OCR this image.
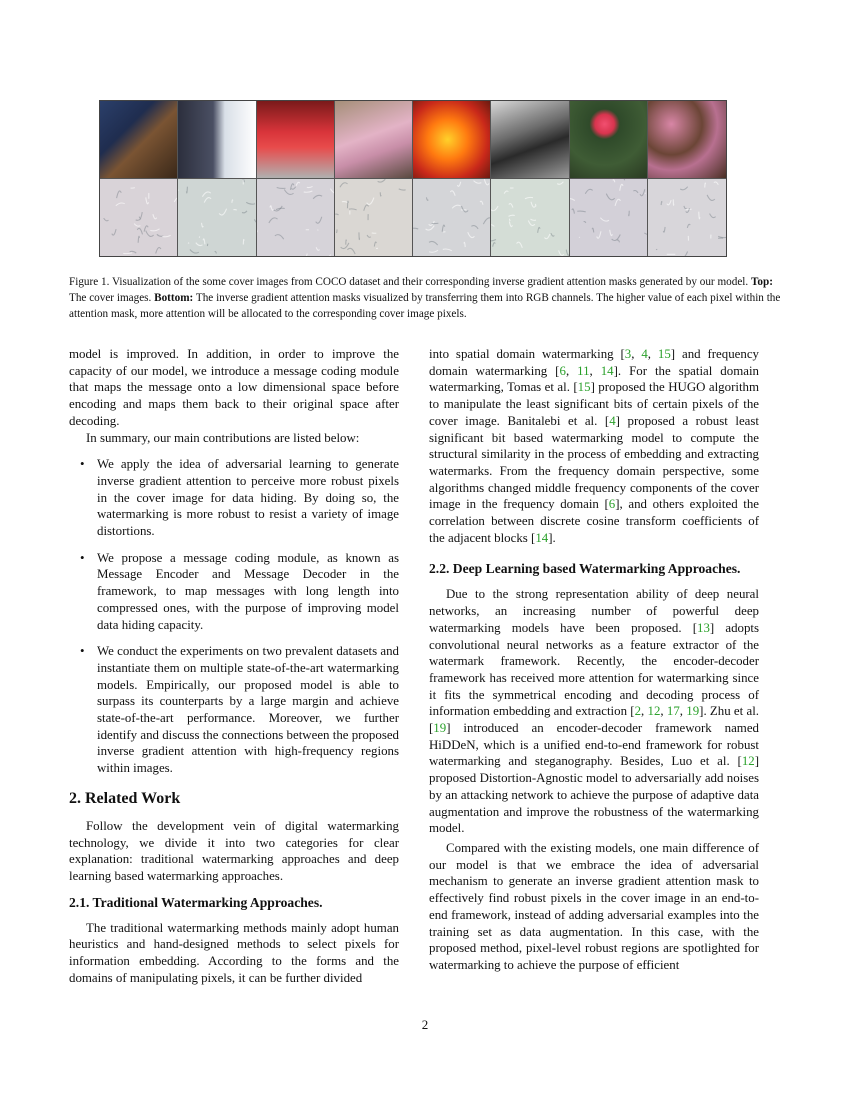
Figure 1. Visualization of the some cover images from COCO dataset and their corresponding inverse gradient attention masks generated by our model. Top: The cover images. Bottom: The inverse gradient attention masks visualized by transferring them into RGB channels. The higher value of each pixel within the attention mask, more attention will be allocated to the corresponding cover image pixels.

model is improved. In addition, in order to improve the capacity of our model, we introduce a message coding module that maps the message onto a low dimensional space before encoding and maps them back to their original space after decoding.

In summary, our main contributions are listed below:

• We apply the idea of adversarial learning to generate inverse gradient attention to perceive more robust pixels in the cover image for data hiding. By doing so, the watermarking is more robust to resist a variety of image distortions.
• We propose a message coding module, as known as Message Encoder and Message Decoder in the framework, to map messages with long length into compressed ones, with the purpose of improving model data hiding capacity.
• We conduct the experiments on two prevalent datasets and instantiate them on multiple state-of-the-art watermarking models. Empirically, our proposed model is able to surpass its counterparts by a large margin and achieve state-of-the-art performance. Moreover, we further identify and discuss the connections between the proposed inverse gradient attention with high-frequency regions within images.
2. Related Work

Follow the development vein of digital watermarking technology, we divide it into two categories for clear explanation: traditional watermarking approaches and deep learning based watermarking approaches.

2.1. Traditional Watermarking Approaches.

The traditional watermarking methods mainly adopt human heuristics and hand-designed methods to select pixels for information embedding. According to the forms and the domains of manipulating pixels, it can be further divided

into spatial domain watermarking [3, 4, 15] and frequency domain watermarking [6, 11, 14]. For the spatial domain watermarking, Tomas et al. [15] proposed the HUGO algorithm to manipulate the least significant bits of certain pixels of the cover image. Banitalebi et al. [4] proposed a robust least significant bit based watermarking model to compute the structural similarity in the process of embedding and extracting watermarks. From the frequency domain perspective, some algorithms changed middle frequency components of the cover image in the frequency domain [6], and others exploited the correlation between discrete cosine transform coefficients of the adjacent blocks [14].

2.2. Deep Learning based Watermarking Approaches.

Due to the strong representation ability of deep neural networks, an increasing number of powerful deep watermarking models have been proposed. [13] adopts convolutional neural networks as a feature extractor of the watermark framework. Recently, the encoder-decoder framework has received more attention for watermarking since it fits the symmetrical encoding and decoding process of information embedding and extraction [2, 12, 17, 19]. Zhu et al. [19] introduced an encoder-decoder framework named HiDDeN, which is a unified end-to-end framework for robust watermarking and steganography. Besides, Luo et al. [12] proposed Distortion-Agnostic model to adversarially add noises by an attacking network to achieve the purpose of adaptive data augmentation and improve the robustness of the watermarking model.

Compared with the existing models, one main difference of our model is that we embrace the idea of adversarial mechanism to generate an inverse gradient attention mask to effectively find robust pixels in the cover image in an end-to-end framework, instead of adding adversarial examples into the training set as data augmentation. In this case, with the proposed method, pixel-level robust regions are spotlighted for watermarking to achieve the purpose of efficient

2
